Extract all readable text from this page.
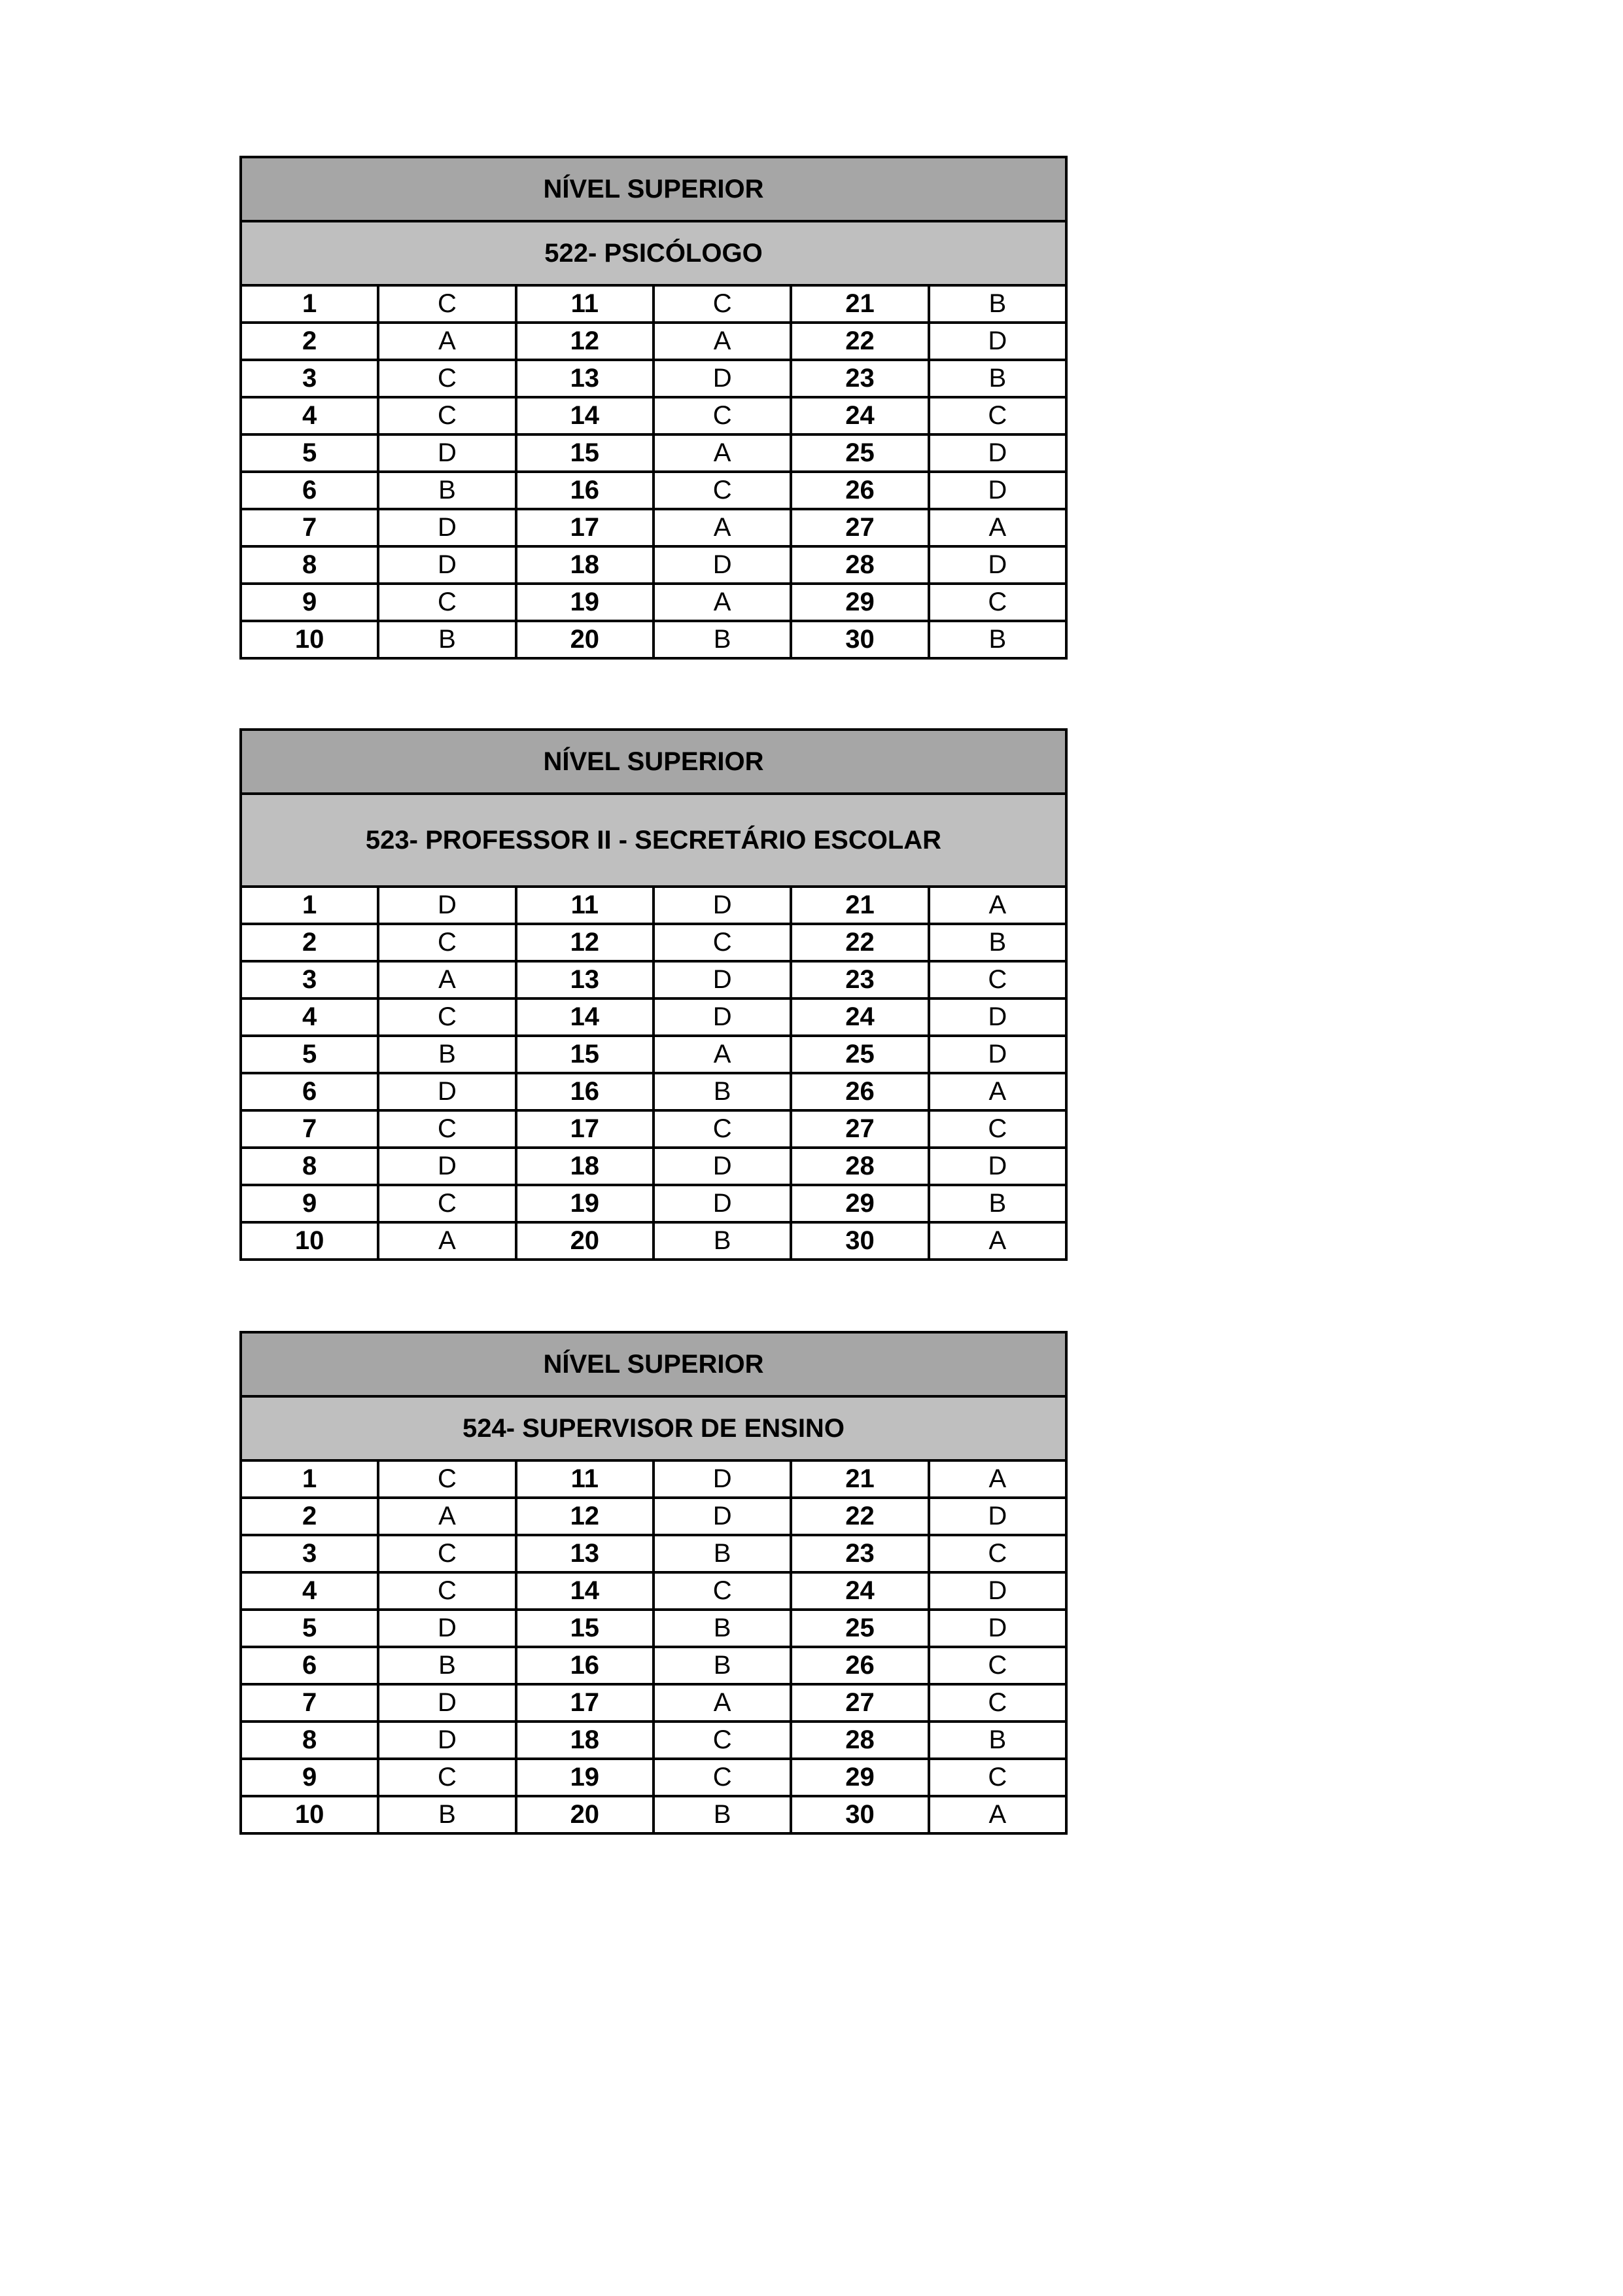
NÍVEL SUPERIOR					
522- PSICÓLOGO					
1	C	11	C	21	B
2	A	12	A	22	D
3	C	13	D	23	B
4	C	14	C	24	C
5	D	15	A	25	D
6	B	16	C	26	D
7	D	17	A	27	A
8	D	18	D	28	D
9	C	19	A	29	C
10	B	20	B	30	B
NÍVEL SUPERIOR					
523- PROFESSOR II - SECRETÁRIO ESCOLAR					
1	D	11	D	21	A
2	C	12	C	22	B
3	A	13	D	23	C
4	C	14	D	24	D
5	B	15	A	25	D
6	D	16	B	26	A
7	C	17	C	27	C
8	D	18	D	28	D
9	C	19	D	29	B
10	A	20	B	30	A
NÍVEL SUPERIOR					
524- SUPERVISOR DE ENSINO					
1	C	11	D	21	A
2	A	12	D	22	D
3	C	13	B	23	C
4	C	14	C	24	D
5	D	15	B	25	D
6	B	16	B	26	C
7	D	17	A	27	C
8	D	18	C	28	B
9	C	19	C	29	C
10	B	20	B	30	A
